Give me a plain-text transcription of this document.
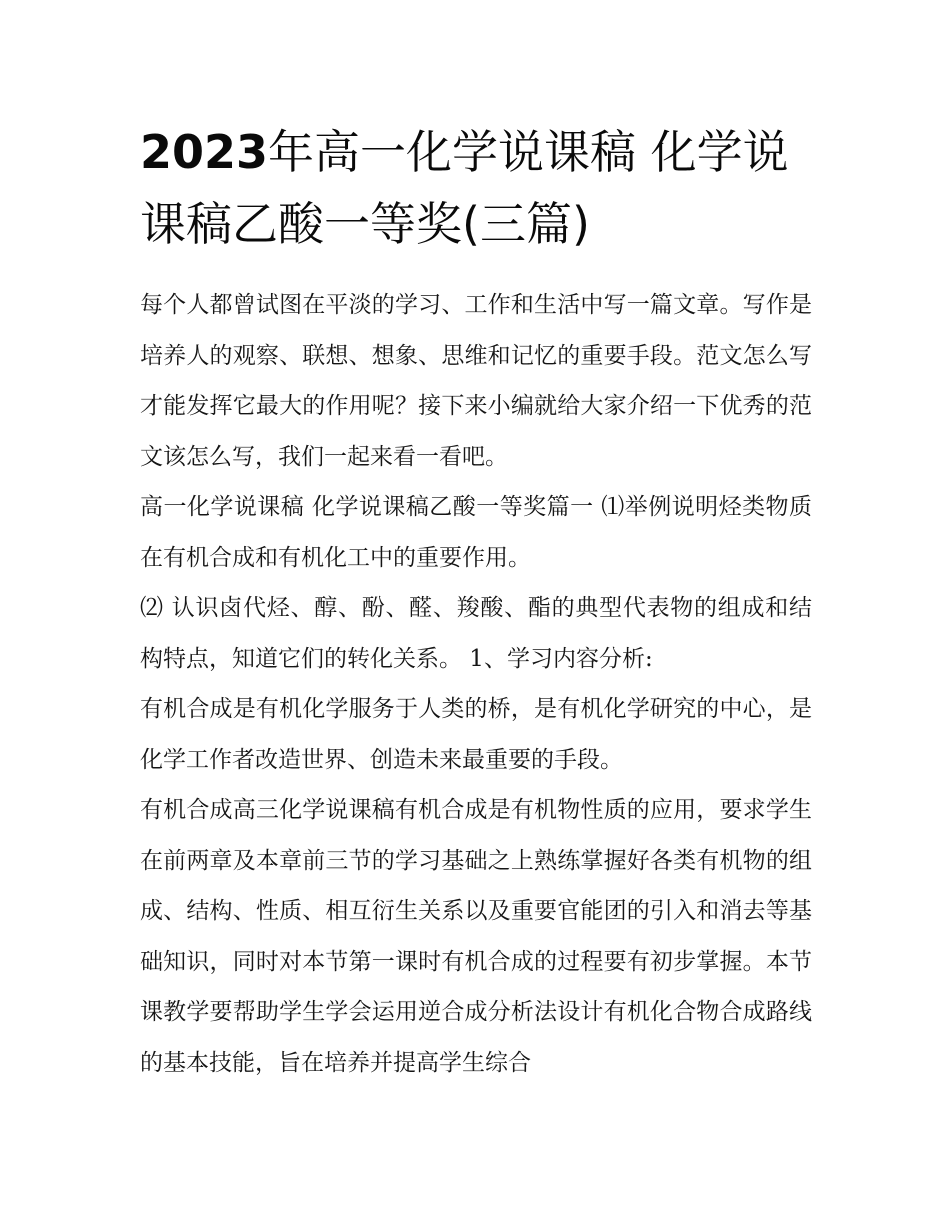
2023年高一化学说课稿 化学说课稿乙酸一等奖(三篇)

每个人都曾试图在平淡的学习、工作和生活中写一篇文章。写作是培养人的观察、联想、想象、思维和记忆的重要手段。范文怎么写才能发挥它最大的作用呢？接下来小编就给大家介绍一下优秀的范文该怎么写，我们一起来看一看吧。

高一化学说课稿 化学说课稿乙酸一等奖篇一 ⑴举例说明烃类物质在有机合成和有机化工中的重要作用。

⑵ 认识卤代烃、醇、酚、醛、羧酸、酯的典型代表物的组成和结构特点，知道它们的转化关系。 1、学习内容分析:

有机合成是有机化学服务于人类的桥，是有机化学研究的中心，是化学工作者改造世界、创造未来最重要的手段。

有机合成高三化学说课稿有机合成是有机物性质的应用，要求学生在前两章及本章前三节的学习基础之上熟练掌握好各类有机物的组成、结构、性质、相互衍生关系以及重要官能团的引入和消去等基础知识，同时对本节第一课时有机合成的过程要有初步掌握。本节课教学要帮助学生学会运用逆合成分析法设计有机化合物合成路线的基本技能，旨在培养并提高学生综合
